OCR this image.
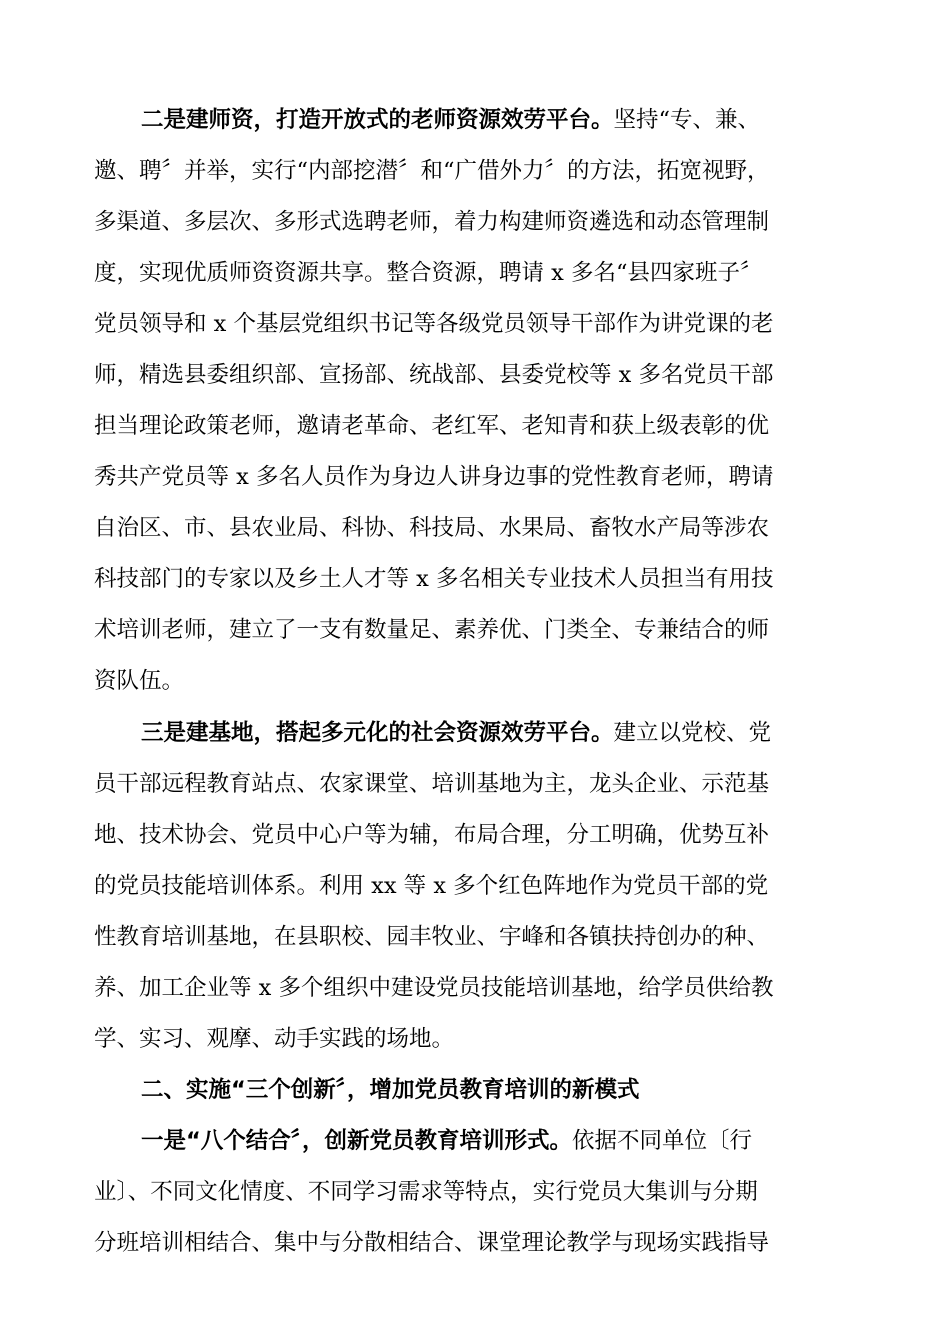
二是建师资，打造开放式的老师资源效劳平台。坚持“专、兼、
邀、聘〞并举，实行“内部挖潜〞和“广借外力〞的方法，拓宽视野，
多渠道、多层次、多形式选聘老师，着力构建师资遴选和动态管理制
度，实现优质师资资源共享。整合资源，聘请 x 多名“县四家班子〞
党员领导和 x 个基层党组织书记等各级党员领导干部作为讲党课的老
师，精选县委组织部、宣扬部、统战部、县委党校等 x 多名党员干部
担当理论政策老师，邀请老革命、老红军、老知青和获上级表彰的优
秀共产党员等 x 多名人员作为身边人讲身边事的党性教育老师，聘请
自治区、市、县农业局、科协、科技局、水果局、畜牧水产局等涉农
科技部门的专家以及乡土人才等 x 多名相关专业技术人员担当有用技
术培训老师，建立了一支有数量足、素养优、门类全、专兼结合的师
资队伍。
三是建基地，搭起多元化的社会资源效劳平台。建立以党校、党
员干部远程教育站点、农家课堂、培训基地为主，龙头企业、示范基
地、技术协会、党员中心户等为辅，布局合理，分工明确，优势互补
的党员技能培训体系。利用 xx 等 x 多个红色阵地作为党员干部的党
性教育培训基地，在县职校、园丰牧业、宇峰和各镇扶持创办的种、
养、加工企业等 x 多个组织中建设党员技能培训基地，给学员供给教
学、实习、观摩、动手实践的场地。
二、实施“三个创新〞，增加党员教育培训的新模式
一是“八个结合〞，创新党员教育培训形式。依据不同单位〔行
业〕、不同文化情度、不同学习需求等特点，实行党员大集训与分期
分班培训相结合、集中与分散相结合、课堂理论教学与现场实践指导
